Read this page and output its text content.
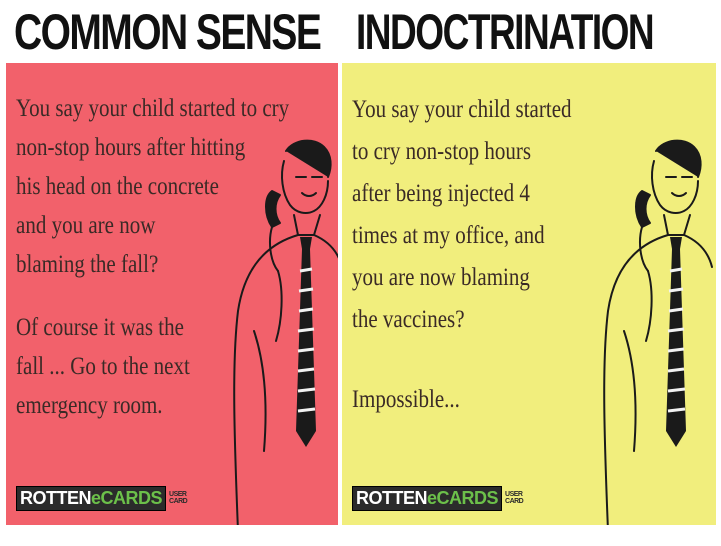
COMMON SENSE INDOCTRINATION
You say your child started to cry
non-stop hours after hitting
his head on the concrete
and you are now
blaming the fall?
Of course it was the
fall ... Go to the next
emergency room.
ROTTENeCARDS	USER CARD
You say your child started
to cry non-stop hours
after being injected 4
times at my office, and
you are now blaming
the vaccines?
Impossible...
ROTTENeCARDS	USER CARD
